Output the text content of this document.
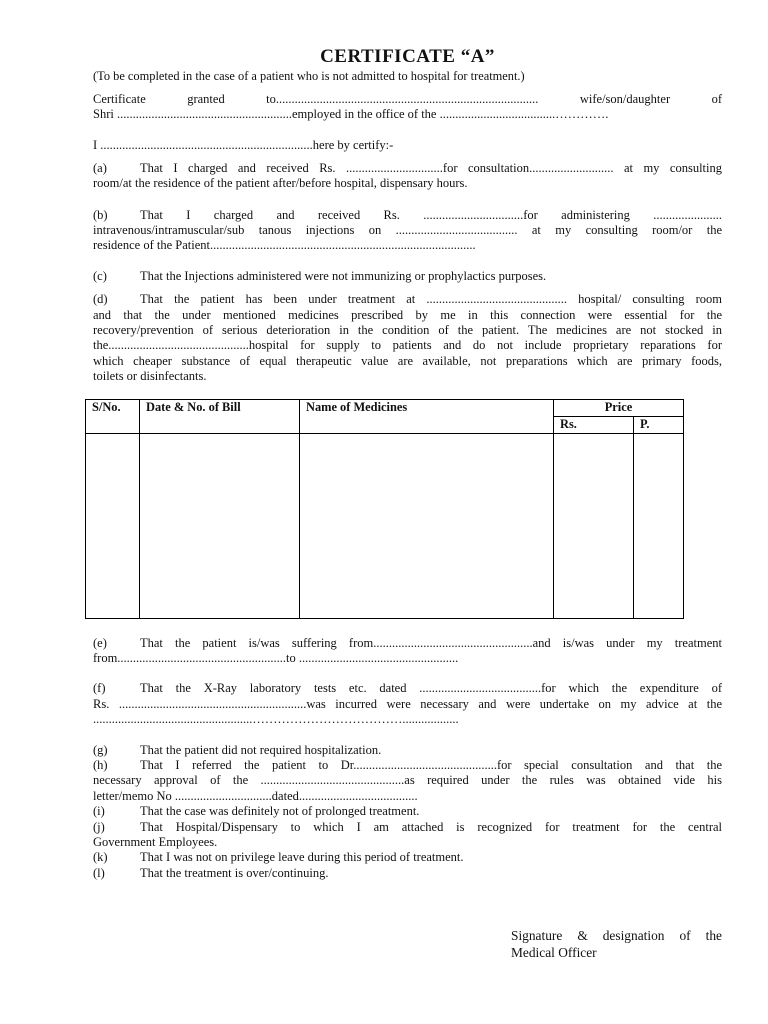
CERTIFICATE “A”
(To be completed in the case of a patient who is not admitted to hospital for treatment.)
Certificate granted to.................................................................................... wife/son/daughter of
Shri ........................................................employed in the office of the .....................................………….
I ....................................................................here by certify:-
(a)	That I charged and received Rs. ...............................for consultation........................... at my consulting
room/at the residence of the patient after/before hospital, dispensary hours.
(b)	That I charged and received Rs. ................................for administering ......................
intravenous/intramuscular/sub tanous injections on ....................................... at my consulting room/or the
residence of the Patient.....................................................................................
(c)	That the Injections administered were not immunizing or prophylactics purposes.
(d)	That the patient has been under treatment at ............................................. hospital/ consulting room
and that the under mentioned medicines prescribed by me in this connection were essential for the
recovery/prevention of serious deterioration in the condition of the patient. The medicines are not stocked in
the.............................................hospital for supply to patients and do not include proprietary reparations for
which cheaper substance of equal therapeutic value are available, not preparations which are primary foods,
toilets or disinfectants.
S/No.	Date & No. of Bill	Name of Medicines	Price	
			Rs.	P.

(e)	That the patient is/was suffering from...................................................and is/was under my treatment
from......................................................to ...................................................
(f)	That the X-Ray laboratory tests etc. dated .......................................for which the expenditure of
Rs. ............................................................was incurred were necessary and were undertake on my advice at the
...................................................………………………………..................
(g)	That the patient did not required hospitalization.
(h)	That I referred the patient to Dr..............................................for special consultation and that the
necessary approval of the ..............................................as required under the rules was obtained vide his
letter/memo No ...............................dated......................................
(i)	That the case was definitely not of prolonged treatment.
(j)	That Hospital/Dispensary to which I am attached is recognized for treatment for the central
Government Employees.
(k)	That I was not on privilege leave during this period of treatment.
(l)	That the treatment is over/continuing.
Signature & designation of the
Medical Officer
